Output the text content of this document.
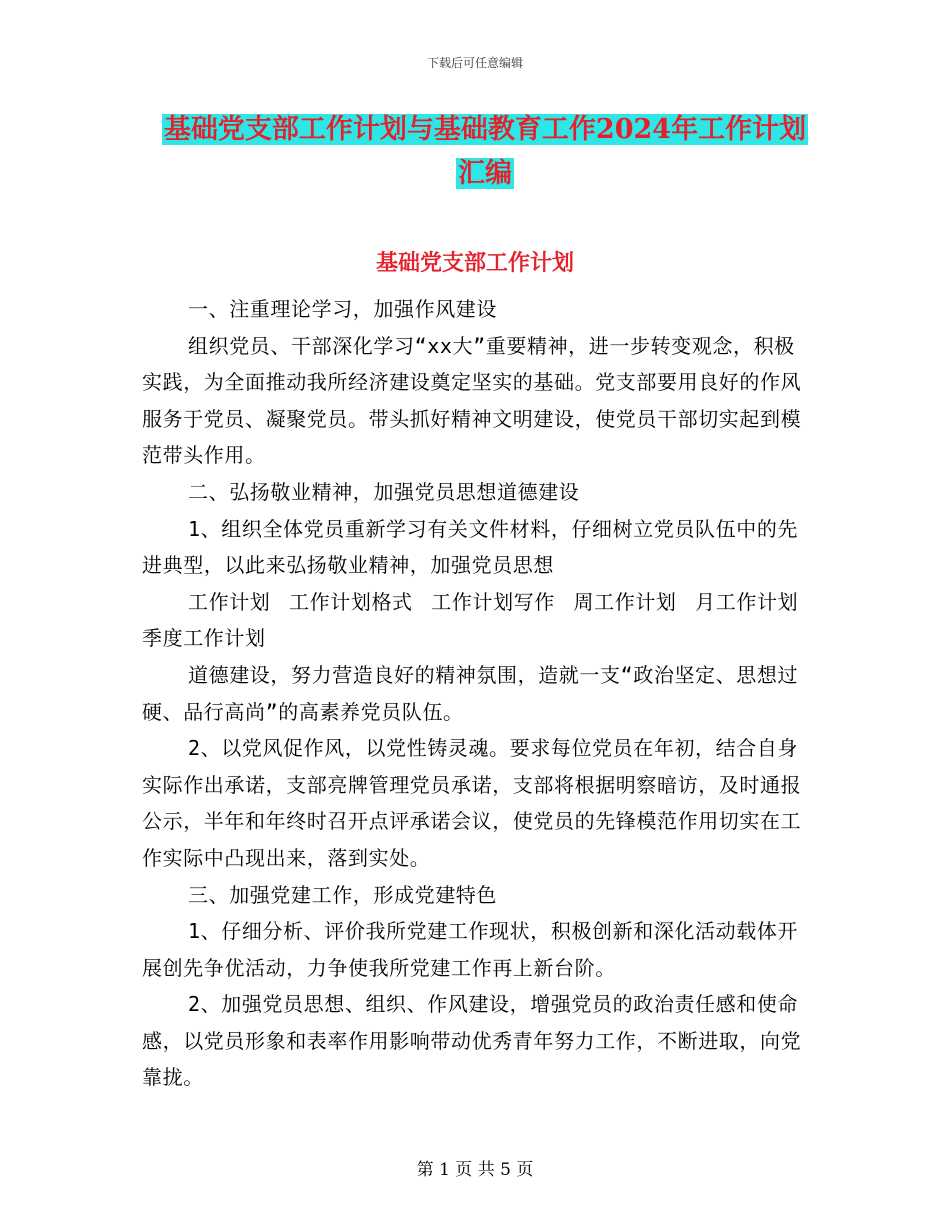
下载后可任意编辑
基础党支部工作计划与基础教育工作2024年工作计划
汇编
基础党支部工作计划

一、注重理论学习，加强作风建设

组织党员、干部深化学习“xx大”重要精神，进一步转变观念，积极实践，为全面推动我所经济建设奠定坚实的基础。党支部要用良好的作风服务于党员、凝聚党员。带头抓好精神文明建设，使党员干部切实起到模范带头作用。

二、弘扬敬业精神，加强党员思想道德建设

1、组织全体党员重新学习有关文件材料，仔细树立党员队伍中的先进典型，以此来弘扬敬业精神，加强党员思想

工作计划 工作计划格式 工作计划写作 周工作计划 月工作计划 季度工作计划

道德建设，努力营造良好的精神氛围，造就一支“政治坚定、思想过硬、品行高尚”的高素养党员队伍。

2、以党风促作风，以党性铸灵魂。要求每位党员在年初，结合自身实际作出承诺，支部亮牌管理党员承诺，支部将根据明察暗访，及时通报公示，半年和年终时召开点评承诺会议，使党员的先锋模范作用切实在工作实际中凸现出来，落到实处。

三、加强党建工作，形成党建特色

1、仔细分析、评价我所党建工作现状，积极创新和深化活动载体开展创先争优活动，力争使我所党建工作再上新台阶。

2、加强党员思想、组织、作风建设，增强党员的政治责任感和使命感，以党员形象和表率作用影响带动优秀青年努力工作，不断进取，向党靠拢。

第 1 页 共 5 页
